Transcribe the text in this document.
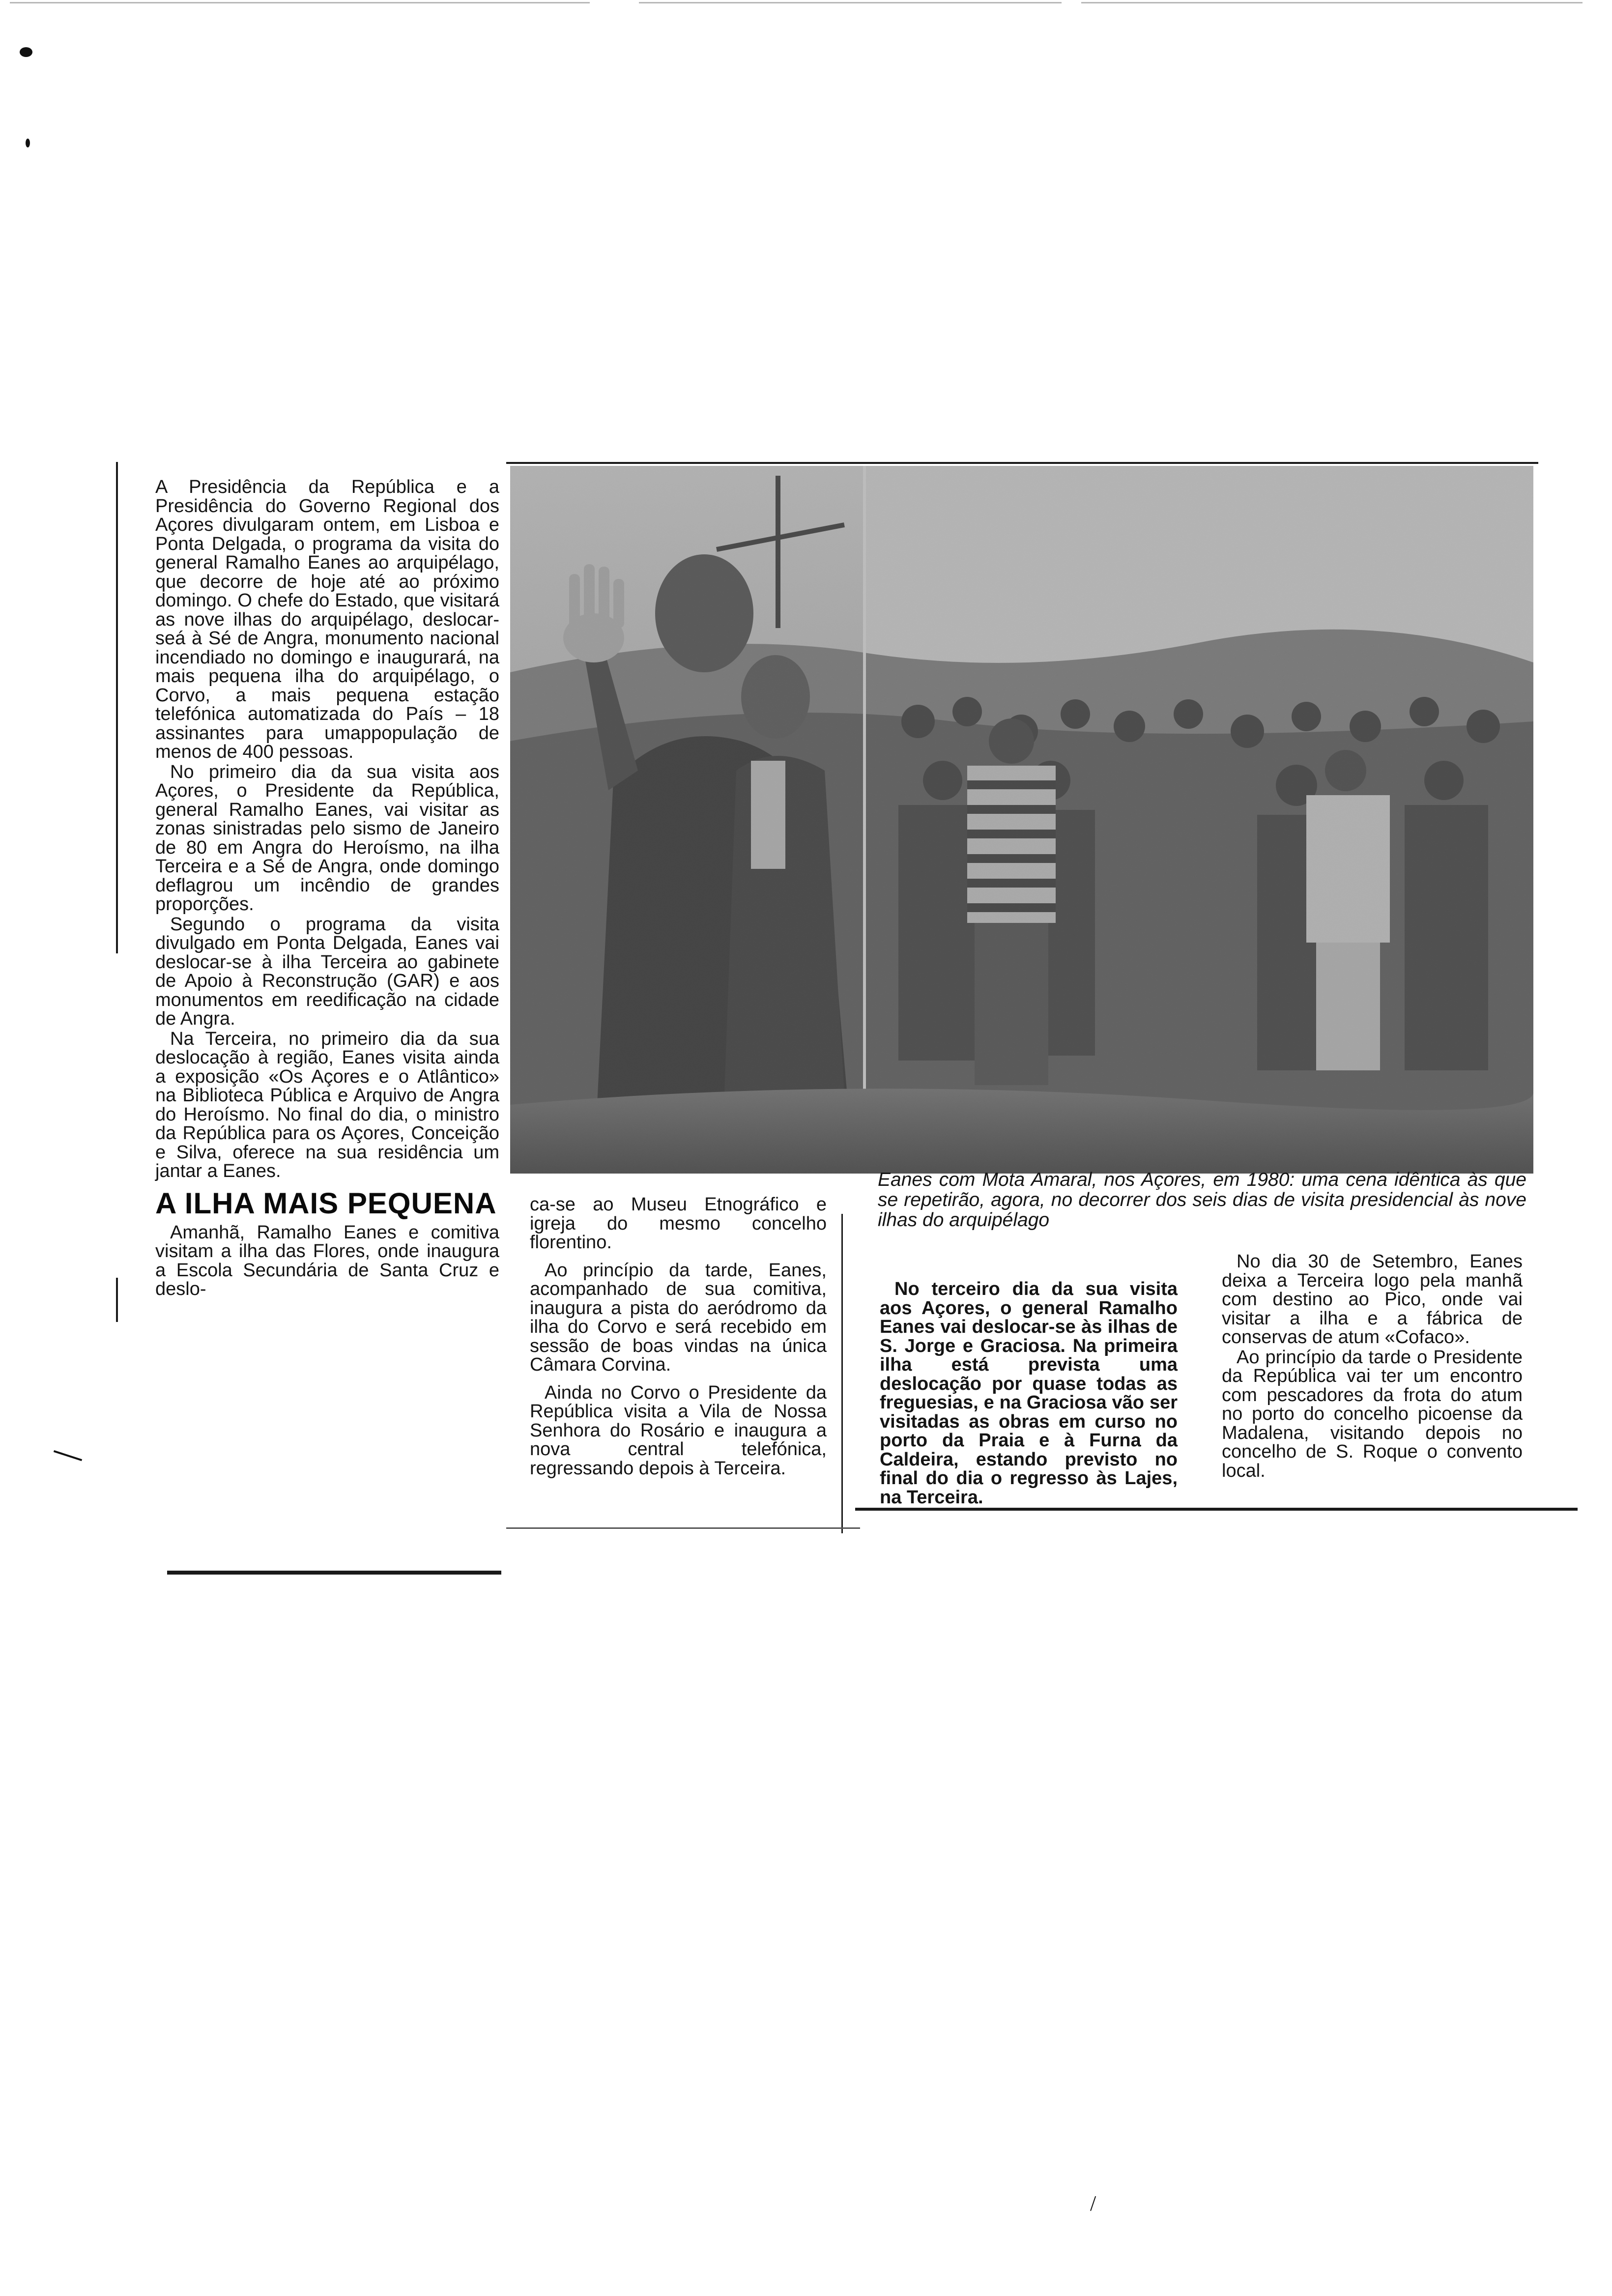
A Presidência da República e a Presidência do Governo Regional dos Açores divulgaram ontem, em Lisboa e Ponta Delgada, o programa da visita do general Ramalho Eanes ao arquipélago, que decorre de hoje até ao próximo domingo. O chefe do Estado, que visitará as nove ilhas do arquipélago, deslocar-seá à Sé de Angra, monumento nacional incendiado no domingo e inaugurará, na mais pequena ilha do arquipélago, o Corvo, a mais pequena estação telefónica automatizada do País – 18 assinantes para umappopulação de menos de 400 pessoas.

No primeiro dia da sua visita aos Açores, o Presidente da República, general Ramalho Eanes, vai visitar as zonas sinistradas pelo sismo de Janeiro de 80 em Angra do Heroísmo, na ilha Terceira e a Sé de Angra, onde domingo deflagrou um incêndio de grandes proporções.

Segundo o programa da visita divulgado em Ponta Delgada, Eanes vai deslocar-se à ilha Terceira ao gabinete de Apoio à Reconstrução (GAR) e aos monumentos em reedificação na cidade de Angra.

Na Terceira, no primeiro dia da sua deslocação à região, Eanes visita ainda a exposição «Os Açores e o Atlântico» na Biblioteca Pública e Arquivo de Angra do Heroísmo. No final do dia, o ministro da República para os Açores, Conceição e Silva, oferece na sua residência um jantar a Eanes.

A ILHA MAIS PEQUENA

Amanhã, Ramalho Eanes e comitiva visitam a ilha das Flores, onde inaugura a Escola Secundária de Santa Cruz e deslo-

Eanes com Mota Amaral, nos Açores, em 1980: uma cena idêntica às que se repetirão, agora, no decorrer dos seis dias de visita presidencial às nove ilhas do arquipélago

ca-se ao Museu Etnográfico e igreja do mesmo concelho florentino.

Ao princípio da tarde, Eanes, acompanhado de sua comitiva, inaugura a pista do aeródromo da ilha do Corvo e será recebido em sessão de boas vindas na única Câmara Corvina.

Ainda no Corvo o Presidente da República visita a Vila de Nossa Senhora do Rosário e inaugura a nova central telefónica, regressando depois à Terceira.

No terceiro dia da sua visita aos Açores, o general Ramalho Eanes vai deslocar-se às ilhas de S. Jorge e Graciosa. Na primeira ilha está prevista uma deslocação por quase todas as freguesias, e na Graciosa vão ser visitadas as obras em curso no porto da Praia e à Furna da Caldeira, estando previsto no final do dia o regresso às Lajes, na Terceira.

No dia 30 de Setembro, Eanes deixa a Terceira logo pela manhã com destino ao Pico, onde vai visitar a ilha e a fábrica de conservas de atum «Cofaco».

Ao princípio da tarde o Presidente da República vai ter um encontro com pescadores da frota do atum no porto do concelho picoense da Madalena, visitando depois no concelho de S. Roque o convento local.

/
